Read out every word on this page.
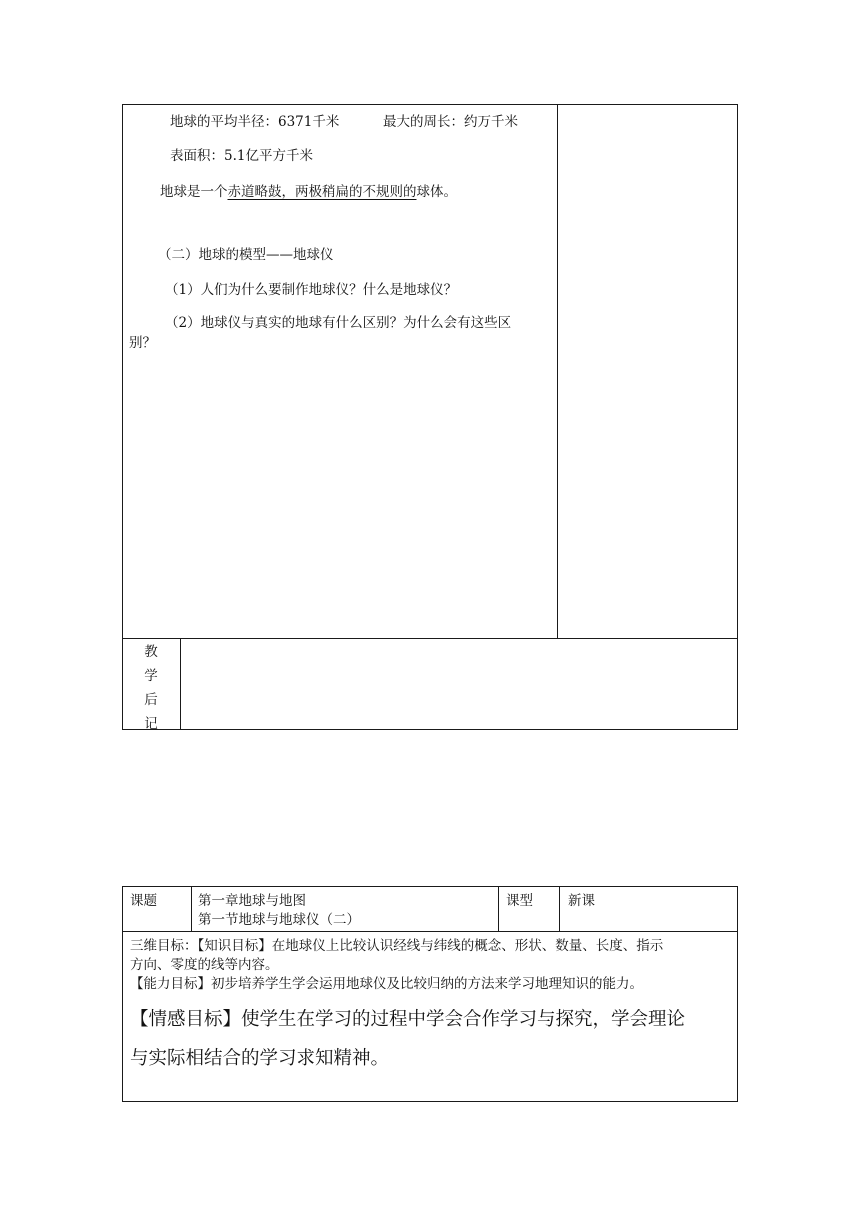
地球的平均半径：6371千米	最大的周长：约万千米
表面积：5.1亿平方千米
地球是一个赤道略鼓，两极稍扁的不规则的球体。
（二）地球的模型——地球仪
（1）人们为什么要制作地球仪？什么是地球仪？
（2）地球仪与真实的地球有什么区别？为什么会有这些区
别？
教
学
后
记
课题	第一章地球与地图
第一节地球与地球仪（二）
课型	新课
三维目标：【知识目标】在地球仪上比较认识经线与纬线的概念、形状、数量、长度、指示
方向、零度的线等内容。
【能力目标】初步培养学生学会运用地球仪及比较归纳的方法来学习地理知识的能力。
【情感目标】使学生在学习的过程中学会合作学习与探究，学会理论
与实际相结合的学习求知精神。
